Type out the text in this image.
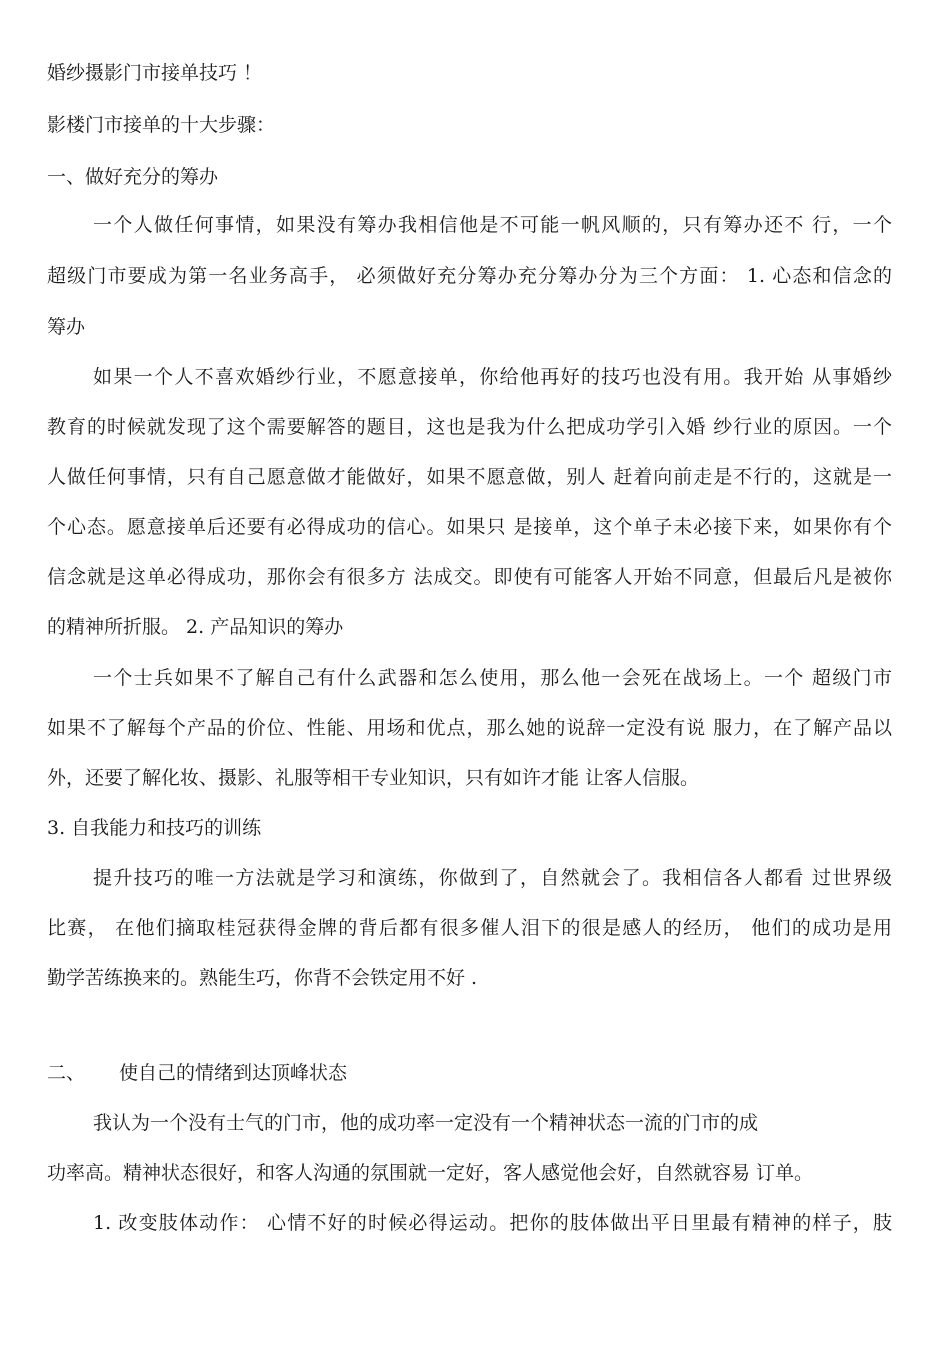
婚纱摄影门市接单技巧 ！
影楼门市接单的十大步骤：
一、做好充分的筹办
一个人做任何事情，如果没有筹办我相信他是不可能一帆风顺的，只有筹办还不 行，一个
超级门市要成为第一名业务高手， 必须做好充分筹办充分筹办分为三个方面： 1. 心态和信念的
筹办
如果一个人不喜欢婚纱行业，不愿意接单，你给他再好的技巧也没有用。我开始 从事婚纱
教育的时候就发现了这个需要解答的题目，这也是我为什么把成功学引入婚 纱行业的原因。一个
人做任何事情，只有自己愿意做才能做好，如果不愿意做，别人 赶着向前走是不行的，这就是一
个心态。愿意接单后还要有必得成功的信心。如果只 是接单，这个单子未必接下来，如果你有个
信念就是这单必得成功，那你会有很多方 法成交。即使有可能客人开始不同意，但最后凡是被你
的精神所折服。 2. 产品知识的筹办
一个士兵如果不了解自己有什么武器和怎么使用，那么他一会死在战场上。一个 超级门市
如果不了解每个产品的价位、性能、用场和优点，那么她的说辞一定没有说 服力，在了解产品以
外，还要了解化妆、摄影、礼服等相干专业知识，只有如许才能 让客人信服。
3. 自我能力和技巧的训练
提升技巧的唯一方法就是学习和演练，你做到了，自然就会了。我相信各人都看 过世界级
比赛， 在他们摘取桂冠获得金牌的背后都有很多催人泪下的很是感人的经历， 他们的成功是用
勤学苦练换来的。熟能生巧，你背不会铁定用不好 .
二、 使自己的情绪到达顶峰状态
我认为一个没有士气的门市，他的成功率一定没有一个精神状态一流的门市的成
功率高。精神状态很好，和客人沟通的氛围就一定好，客人感觉他会好，自然就容易 订单。
1. 改变肢体动作： 心情不好的时候必得运动。把你的肢体做出平日里最有精神的样子，肢
